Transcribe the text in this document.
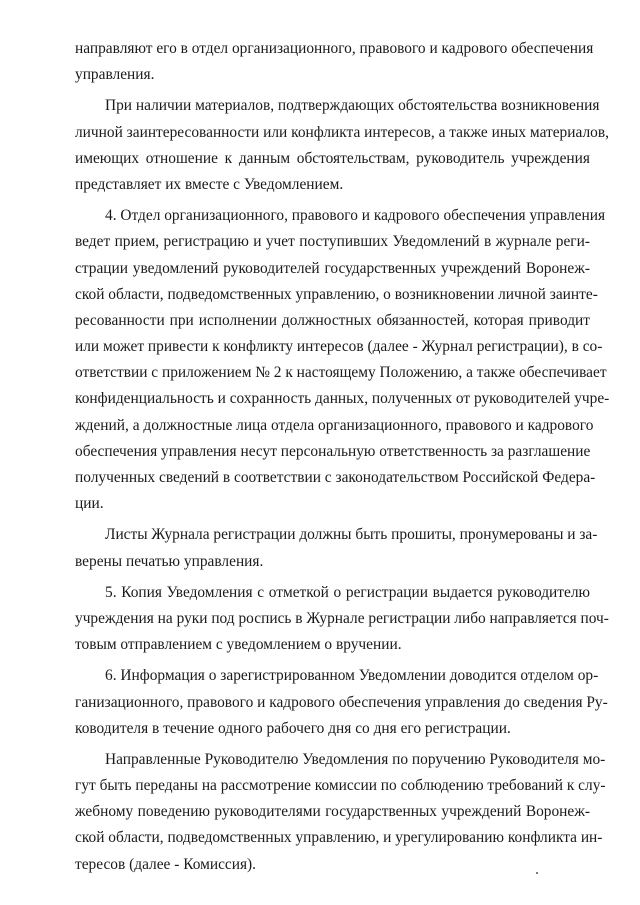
направляют его в отдел организационного, правового и кадрового обеспечения
управления.
При наличии материалов, подтверждающих обстоятельства возникновения
личной заинтересованности или конфликта интересов, а также иных материалов,
имеющих отношение к данным обстоятельствам, руководитель учреждения
представляет их вместе с Уведомлением.
4. Отдел организационного, правового и кадрового обеспечения управления
ведет прием, регистрацию и учет поступивших Уведомлений в журнале реги-
страции уведомлений руководителей государственных учреждений Воронеж-
ской области, подведомственных управлению, о возникновении личной заинте-
ресованности при исполнении должностных обязанностей, которая приводит
или может привести к конфликту интересов (далее - Журнал регистрации), в со-
ответствии с приложением № 2 к настоящему Положению, а также обеспечивает
конфиденциальность и сохранность данных, полученных от руководителей учре-
ждений, а должностные лица отдела организационного, правового и кадрового
обеспечения управления несут персональную ответственность за разглашение
полученных сведений в соответствии с законодательством Российской Федера-
ции.
Листы Журнала регистрации должны быть прошиты, пронумерованы и за-
верены печатью управления.
5. Копия Уведомления с отметкой о регистрации выдается руководителю
учреждения на руки под роспись в Журнале регистрации либо направляется поч-
товым отправлением с уведомлением о вручении.
6. Информация о зарегистрированном Уведомлении доводится отделом ор-
ганизационного, правового и кадрового обеспечения управления до сведения Ру-
ководителя в течение одного рабочего дня со дня его регистрации.
Направленные Руководителю Уведомления по поручению Руководителя мо-
гут быть переданы на рассмотрение комиссии по соблюдению требований к слу-
жебному поведению руководителями государственных учреждений Воронеж-
ской области, подведомственных управлению, и урегулированию конфликта ин-
тересов (далее - Комиссия).
